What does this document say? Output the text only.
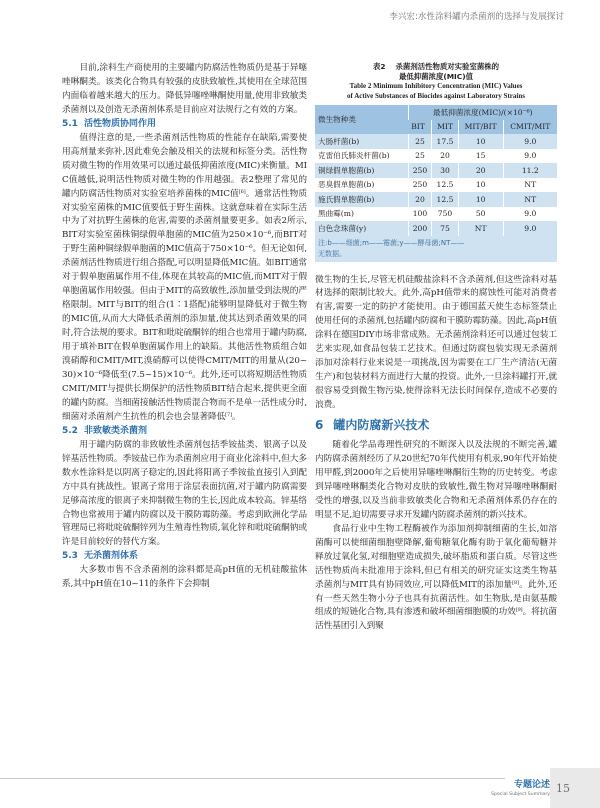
李兴宏:水性涂料罐内杀菌剂的选择与发展探讨

目前,涂料生产商使用的主要罐内防腐活性物质仍是基于异噻唑啉酮类。该类化合物具有较强的皮肤致敏性,其使用在全球范围内面临着越来越大的压力。降低异噻唑啉酮使用量,使用非致敏类杀菌剂以及创造无杀菌剂体系是目前应对法规行之有效的方案。

5.1 活性物质协同作用

值得注意的是,一些杀菌剂活性物质的性能存在缺陷,需要使用高剂量来弥补,因此难免会触及相关的法规和标签分类。活性物质对微生物的作用效果可以通过最低抑菌浓度(MIC)来衡量。MIC值越低,说明活性物质对微生物的作用越强。表2整理了常见的罐内防腐活性物质对实验室培养菌株的MIC值[6]。通常活性物质对实验室菌株的MIC值要低于野生菌株。这就意味着在实际生活中为了对抗野生菌株的危害,需要的杀菌剂量要更多。如表2所示,BIT对实验室菌株铜绿假单胞菌的MIC值为250×10⁻⁶,而BIT对于野生菌种铜绿假单胞菌的MIC值高于750×10⁻⁶。但无论如何,杀菌剂活性物质进行组合搭配,可以明显降低MIC值。如BIT通常对于假单胞菌属作用不佳,体现在其较高的MIC值,而MIT对于假单胞菌属作用较强。但由于MIT的高致敏性,添加量受到法规的严格限制。MIT与BIT的组合(1∶1搭配)能够明显降低对于微生物的MIC值,从而大大降低杀菌剂的添加量,使其达到杀菌效果的同时,符合法规的要求。BIT和吡啶硫酮锌的组合也常用于罐内防腐,用于填补BIT在假单胞菌属作用上的缺陷。其他活性物质组合如溴硝醇和CMIT/MIT,溴硝醇可以使得CMIT/MIT的用量从(20~30)×10⁻⁶降低至(7.5~15)×10⁻⁶。此外,还可以将短期活性物质CMIT/MIT与提供长期保护的活性物质BIT结合起来,提供更全面的罐内防腐。当细菌接触活性物质混合物而不是单一活性成分时,细菌对杀菌剂产生抗性的机会也会显著降低[7]。

5.2 非致敏类杀菌剂

用于罐内防腐的非致敏性杀菌剂包括季铵盐类、银离子以及锌基活性物质。季铵盐已作为杀菌剂应用于商业化涂料中,但大多数水性涂料是以阴离子稳定的,因此将阳离子季铵盐直接引入到配方中具有挑战性。银离子常用于涂层表面抗菌,对于罐内防腐需要足够高浓度的银离子来抑制微生物的生长,因此成本较高。锌基络合物也常被用于罐内防腐以及干膜防霉防藻。考虑到欧洲化学品管理局已将吡啶硫酮锌列为生殖毒性物质,氧化锌和吡啶硫酮钠或许是目前较好的替代方案。

5.3 无杀菌剂体系

大多数市售不含杀菌剂的涂料都是高pH值的无机硅酸盐体系,其中pH值在10~11的条件下会抑制

表2 杀菌剂活性物质对实验室菌株的
最低抑菌浓度(MIC)值
Table 2 Minimum Inhibitory Concentration (MIC) Values
of Active Substances of Biocides against Laboratory Strains
微生物种类	最低抑菌浓度(MIC)/(×10⁻⁶)			
	BIT	MIT	MIT/BIT	CMIT/MIT
大肠杆菌(b)	25	17.5	10	9.0
克雷伯氏肺炎杆菌(b)	25	20	15	9.0
铜绿假单胞菌(b)	250	30	20	11.2
恶臭假单胞菌(b)	250	12.5	10	NT
施氏假单胞菌(b)	20	12.5	10	NT
黑曲霉(m)	100	750	50	9.0
白色念珠菌(y)	200	75	NT	9.0
注:b——细菌;m——霉菌;y——酵母菌;NT——
无数据。

微生物的生长,尽管无机硅酸盐涂料不含杀菌剂,但这些涂料对基材选择的限制比较大。此外,高pH值带来的腐蚀性可能对消费者有害,需要一定的防护才能使用。由于德国蓝天使生态标签禁止使用任何的杀菌剂,包括罐内防腐和干膜防霉防藻。因此,高pH值涂料在德国DIY市场非常成熟。无杀菌剂涂料还可以通过包装工艺来实现,如食品包装工艺技术。但通过防腐包装实现无杀菌剂添加对涂料行业来说是一项挑战,因为需要在工厂生产清洁(无菌生产)和包装材料方面进行大量的投资。此外,一旦涂料罐打开,就很容易受到微生物污染,使得涂料无法长时间保存,造成不必要的浪费。

6 罐内防腐新兴技术

随着化学品毒理性研究的不断深入以及法规的不断完善,罐内防腐杀菌剂经历了从20世纪70年代使用有机汞,90年代开始使用甲醛,到2000年之后使用异噻唑啉酮衍生物的历史转变。考虑到异噻唑啉酮类化合物对皮肤的致敏性,微生物对异噻唑啉酮耐受性的增强,以及当前非致敏类化合物和无杀菌剂体系仍存在的明显不足,迫切需要寻求开发罐内防腐杀菌剂的新兴技术。

食品行业中生物工程酶被作为添加剂抑制细菌的生长,如溶菌酶可以使细菌细胞壁降解,葡萄糖氧化酶有助于氧化葡萄糖并释放过氧化氢,对细胞壁造成损失,破坏脂质和蛋白质。尽管这些活性物质尚未批准用于涂料,但已有相关的研究证实这类生物基杀菌剂与MIT具有协同效应,可以降低MIT的添加量[8]。此外,还有一些天然生物小分子也具有抗菌活性。如生物肽,是由氨基酸组成的短链化合物,具有渗透和破坏细菌细胞膜的功效[9]。将抗菌活性基团引入到聚

专题论述
Special Subject Summary 15
